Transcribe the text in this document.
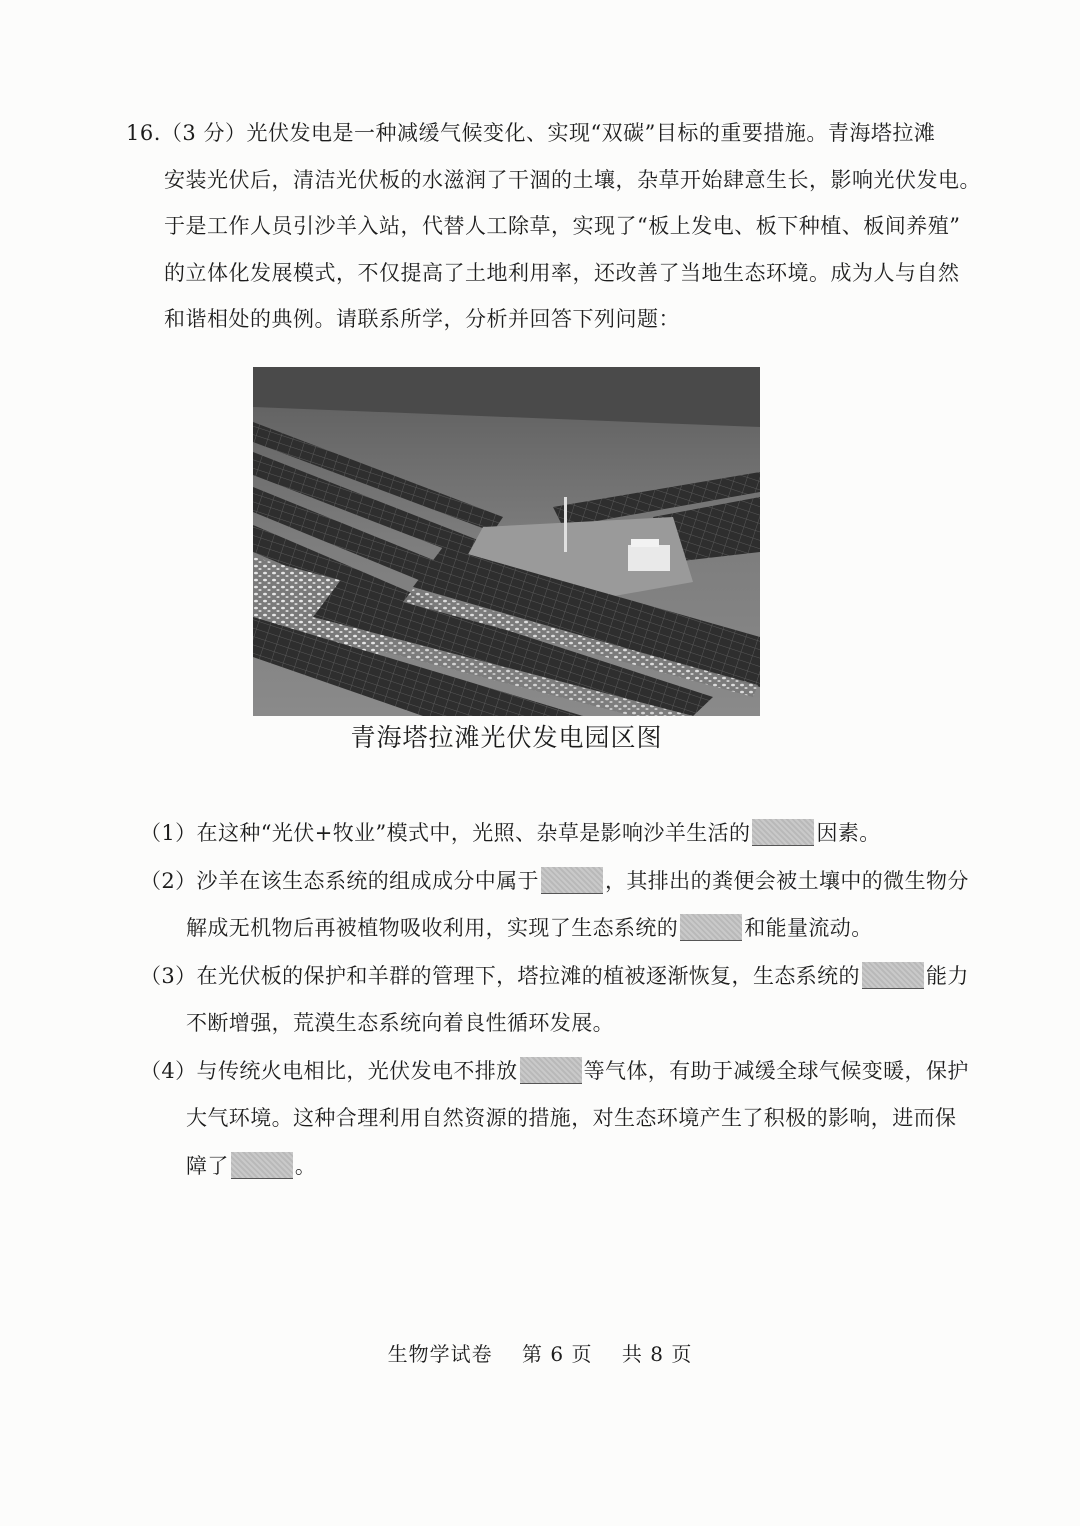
16.（3 分）光伏发电是一种减缓气候变化、实现“双碳”目标的重要措施。青海塔拉滩
安装光伏后，清洁光伏板的水滋润了干涸的土壤，杂草开始肆意生长，影响光伏发电。
于是工作人员引沙羊入站，代替人工除草，实现了“板上发电、板下种植、板间养殖”
的立体化发展模式，不仅提高了土地利用率，还改善了当地生态环境。成为人与自然
和谐相处的典例。请联系所学，分析并回答下列问题：
青海塔拉滩光伏发电园区图
（1）在这种“光伏+牧业”模式中，光照、杂草是影响沙羊生活的	因素。
（2）沙羊在该生态系统的组成成分中属于	，其排出的粪便会被土壤中的微生物分
解成无机物后再被植物吸收利用，实现了生态系统的	和能量流动。
（3）在光伏板的保护和羊群的管理下，塔拉滩的植被逐渐恢复，生态系统的	能力
不断增强，荒漠生态系统向着良性循环发展。
（4）与传统火电相比，光伏发电不排放	等气体，有助于减缓全球气候变暖，保护
大气环境。这种合理利用自然资源的措施，对生态环境产生了积极的影响，进而保
障了	。
生物学试卷    第 6 页    共 8 页
